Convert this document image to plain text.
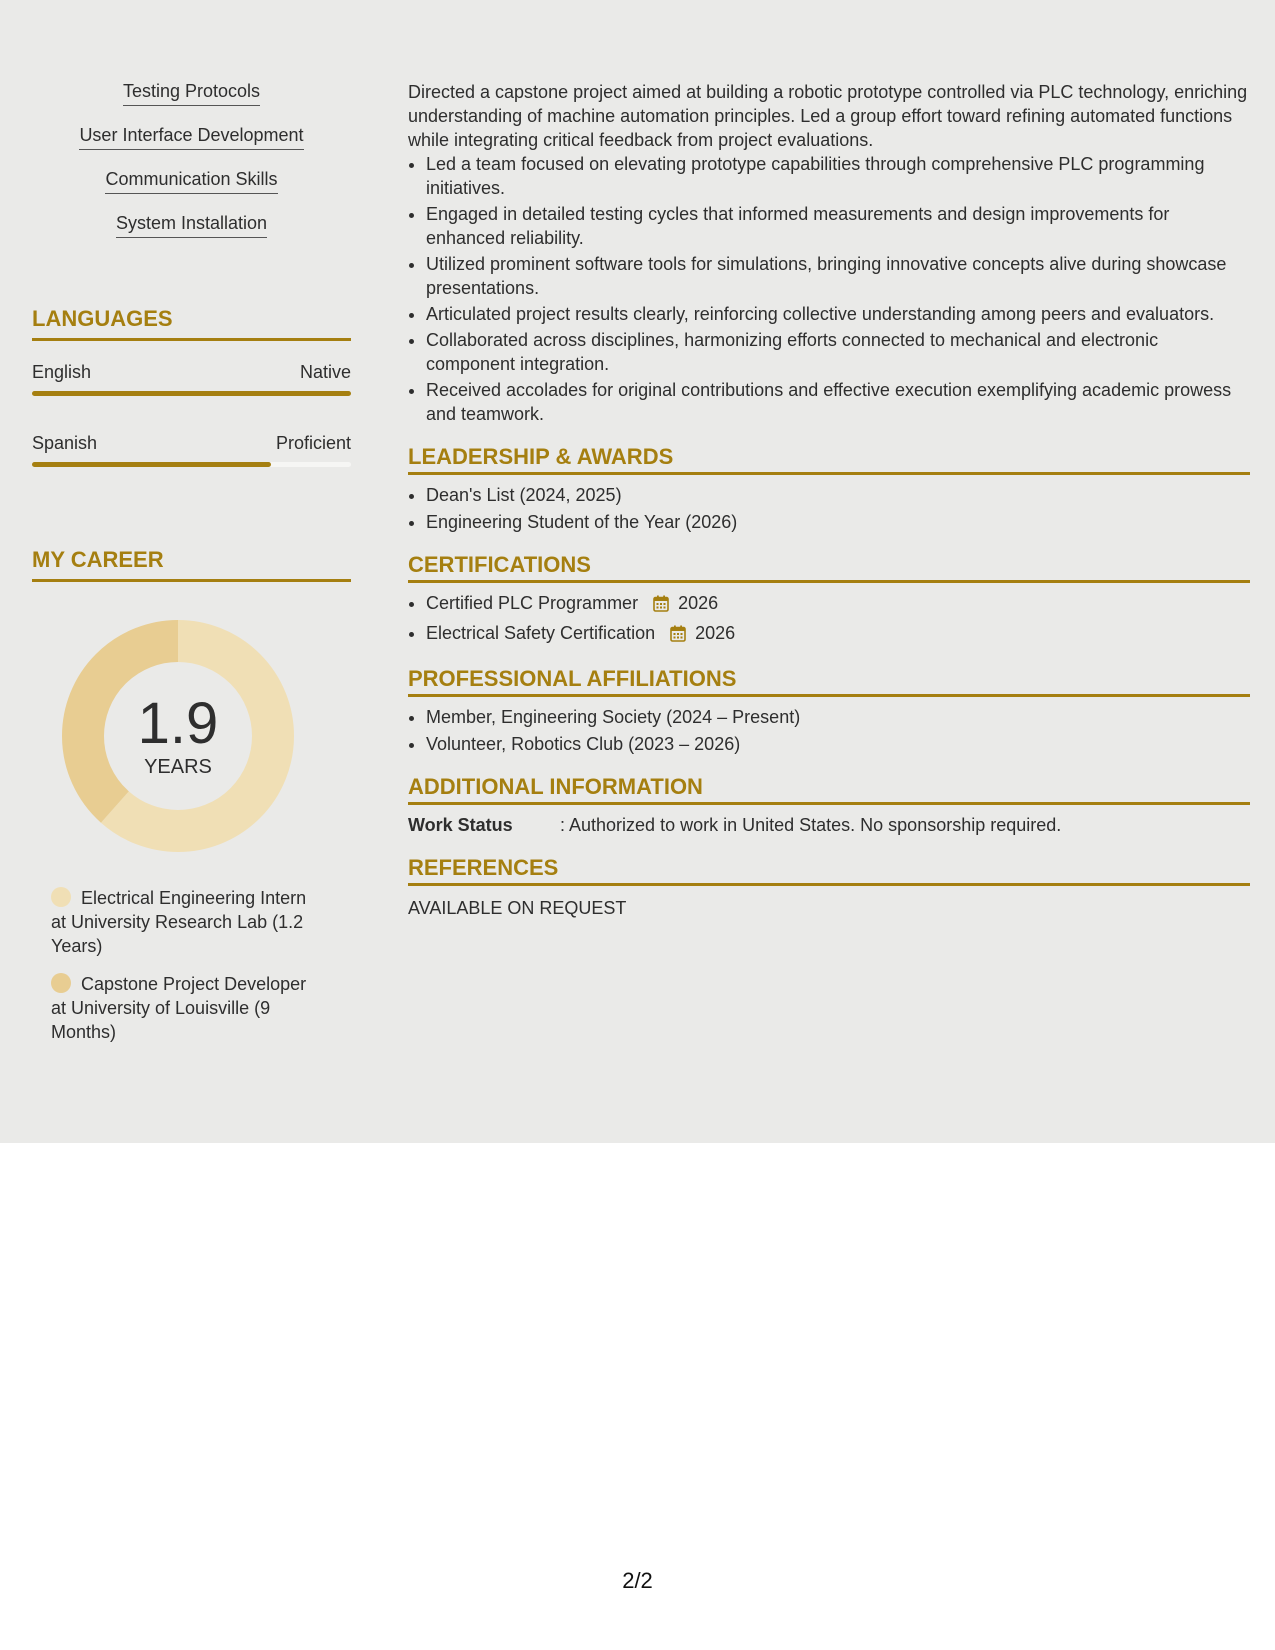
Testing Protocols
User Interface Development
Communication Skills
System Installation
LANGUAGES
English	Native
Spanish	Proficient
MY CAREER
1.9
YEARS
Electrical Engineering Intern at University Research Lab (1.2 Years)
Capstone Project Developer at University of Louisville (9 Months)

Directed a capstone project aimed at building a robotic prototype controlled via PLC technology, enriching understanding of machine automation principles. Led a group effort toward refining automated functions while integrating critical feedback from project evaluations.

• Led a team focused on elevating prototype capabilities through comprehensive PLC programming initiatives.
• Engaged in detailed testing cycles that informed measurements and design improvements for enhanced reliability.
• Utilized prominent software tools for simulations, bringing innovative concepts alive during showcase presentations.
• Articulated project results clearly, reinforcing collective understanding among peers and evaluators.
• Collaborated across disciplines, harmonizing efforts connected to mechanical and electronic component integration.
• Received accolades for original contributions and effective execution exemplifying academic prowess and teamwork.
LEADERSHIP & AWARDS
• Dean's List (2024, 2025)
• Engineering Student of the Year (2026)
CERTIFICATIONS
• Certified PLC Programmer 2026
• Electrical Safety Certification 2026
PROFESSIONAL AFFILIATIONS
• Member, Engineering Society (2024 – Present)
• Volunteer, Robotics Club (2023 – 2026)
ADDITIONAL INFORMATION
Work Status	: Authorized to work in United States. No sponsorship required.
REFERENCES
AVAILABLE ON REQUEST
2/2
